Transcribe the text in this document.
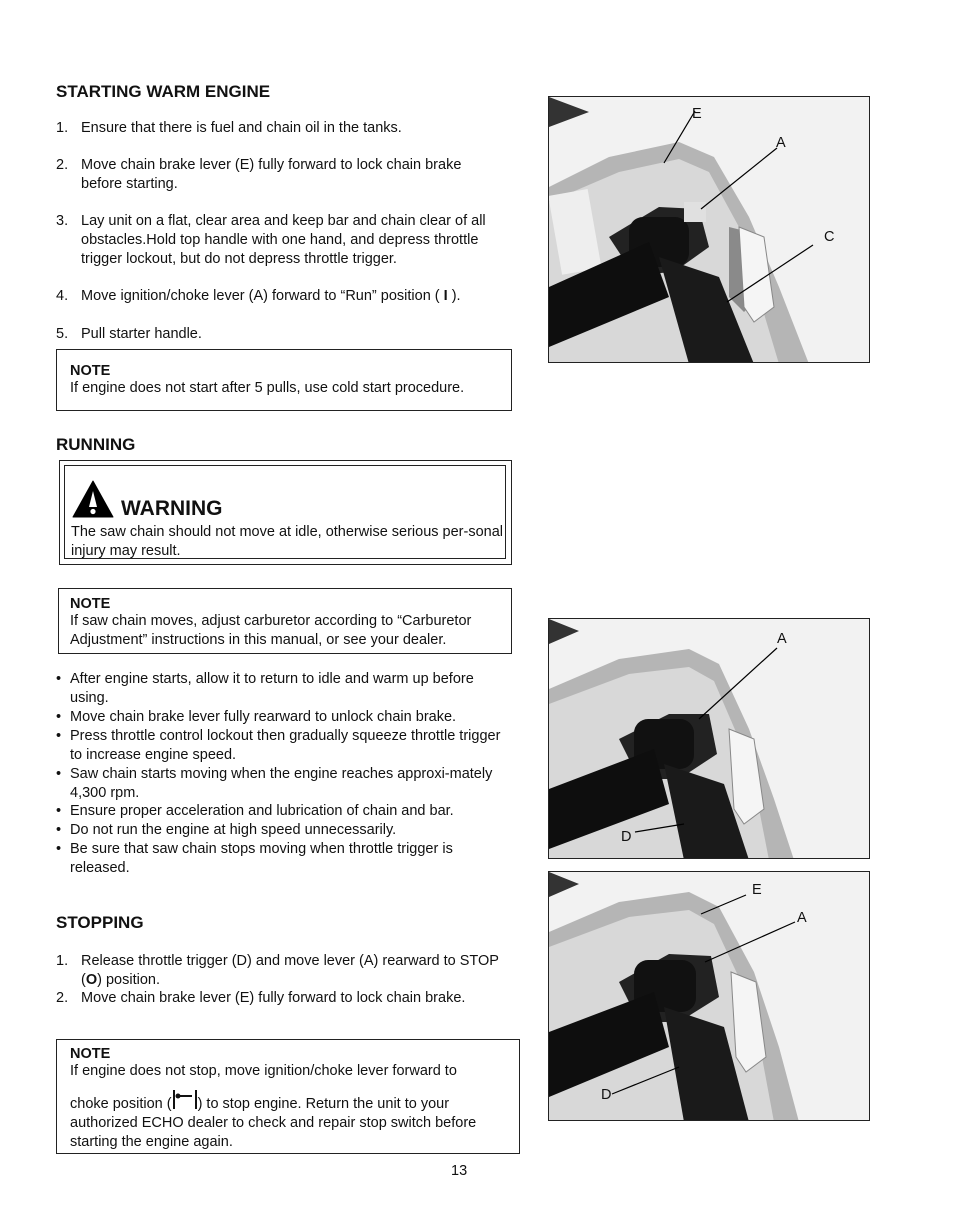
STARTING WARM ENGINE
1. Ensure that there is fuel and chain oil in the tanks.
2. Move chain brake lever (E) fully forward to lock chain brake before starting.
3. Lay unit on a flat, clear area and keep bar and chain clear of all obstacles.Hold top handle with one hand, and depress throttle trigger lockout, but do not depress throttle trigger.
4. Move ignition/choke lever (A) forward to “Run” position ( I ).
5. Pull starter handle.
NOTE
If engine does not start after 5 pulls, use cold start procedure.
RUNNING
WARNING
The saw chain should not move at idle, otherwise serious per-sonal injury may result.
NOTE
If saw chain moves, adjust carburetor according to “Carburetor Adjustment” instructions in this manual, or see your dealer.
• After engine starts, allow it to return to idle and warm up before using.
• Move chain brake lever fully rearward to unlock chain brake.
• Press throttle control lockout then gradually squeeze throttle trigger to increase engine speed.
• Saw chain starts moving when the engine reaches approxi-mately 4,300 rpm.
• Ensure proper acceleration and lubrication of chain and bar.
• Do not run the engine at high speed unnecessarily.
• Be sure that saw chain stops moving when throttle trigger is released.
STOPPING
1. Release throttle trigger (D) and move lever (A) rearward to STOP (O) position.
2. Move chain brake lever (E) fully forward to lock chain brake.
NOTE
If engine does not stop, move ignition/choke lever forward to
choke position ( ) to stop engine. Return the unit to your
authorized ECHO dealer to check and repair stop switch before
starting the engine again.
13
E
A
C
A
D
E
A
D
